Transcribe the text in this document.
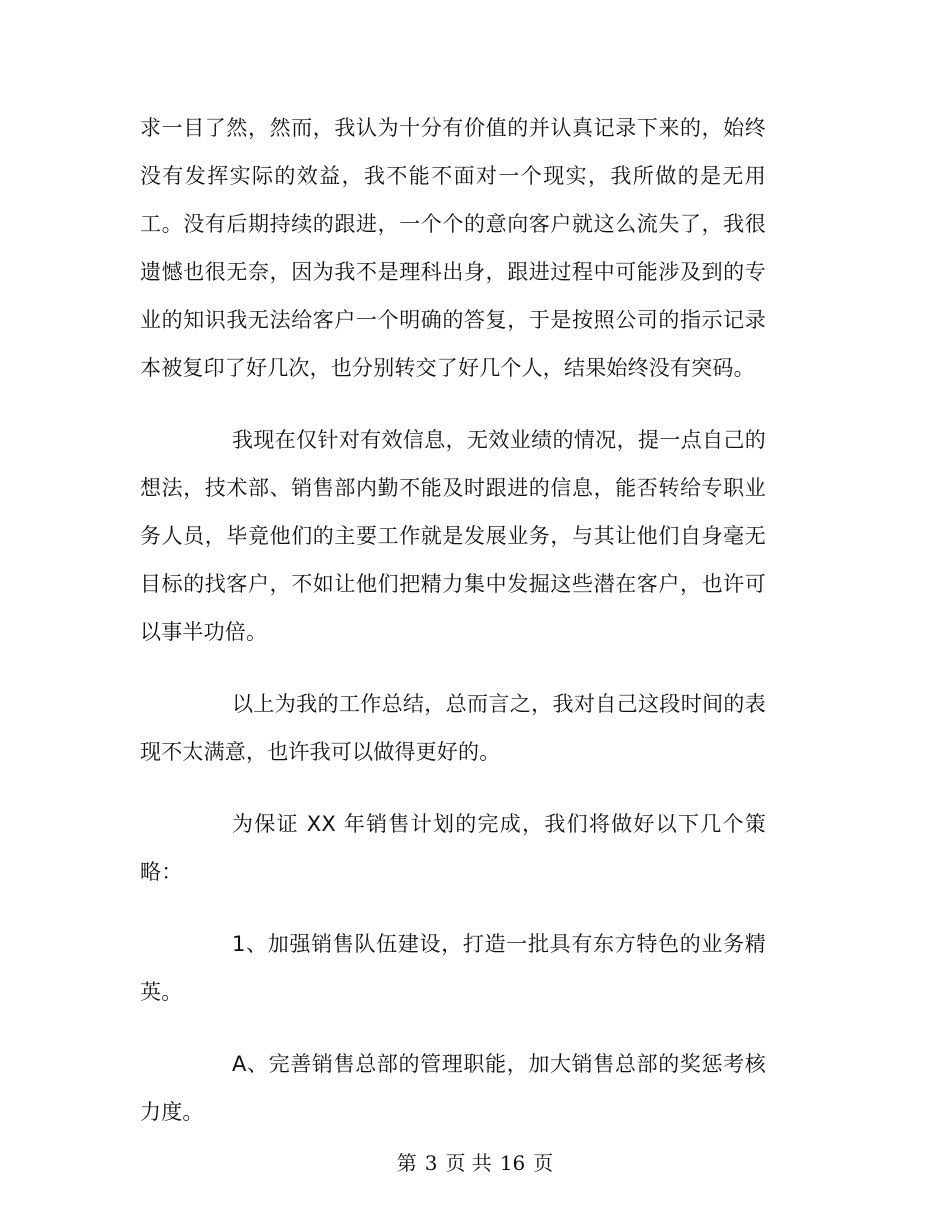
求一目了然，然而，我认为十分有价值的并认真记录下来的，始终没有发挥实际的效益，我不能不面对一个现实，我所做的是无用工。没有后期持续的跟进，一个个的意向客户就这么流失了，我很遗憾也很无奈，因为我不是理科出身，跟进过程中可能涉及到的专业的知识我无法给客户一个明确的答复，于是按照公司的指示记录本被复印了好几次，也分别转交了好几个人，结果始终没有突码。

我现在仅针对有效信息，无效业绩的情况，提一点自己的想法，技术部、销售部内勤不能及时跟进的信息，能否转给专职业务人员，毕竟他们的主要工作就是发展业务，与其让他们自身毫无目标的找客户，不如让他们把精力集中发掘这些潜在客户，也许可以事半功倍。

以上为我的工作总结，总而言之，我对自己这段时间的表现不太满意，也许我可以做得更好的。

为保证 XX 年销售计划的完成，我们将做好以下几个策略：

1、加强销售队伍建设，打造一批具有东方特色的业务精英。

A、完善销售总部的管理职能，加大销售总部的奖惩考核力度。

第 3 页 共 16 页
